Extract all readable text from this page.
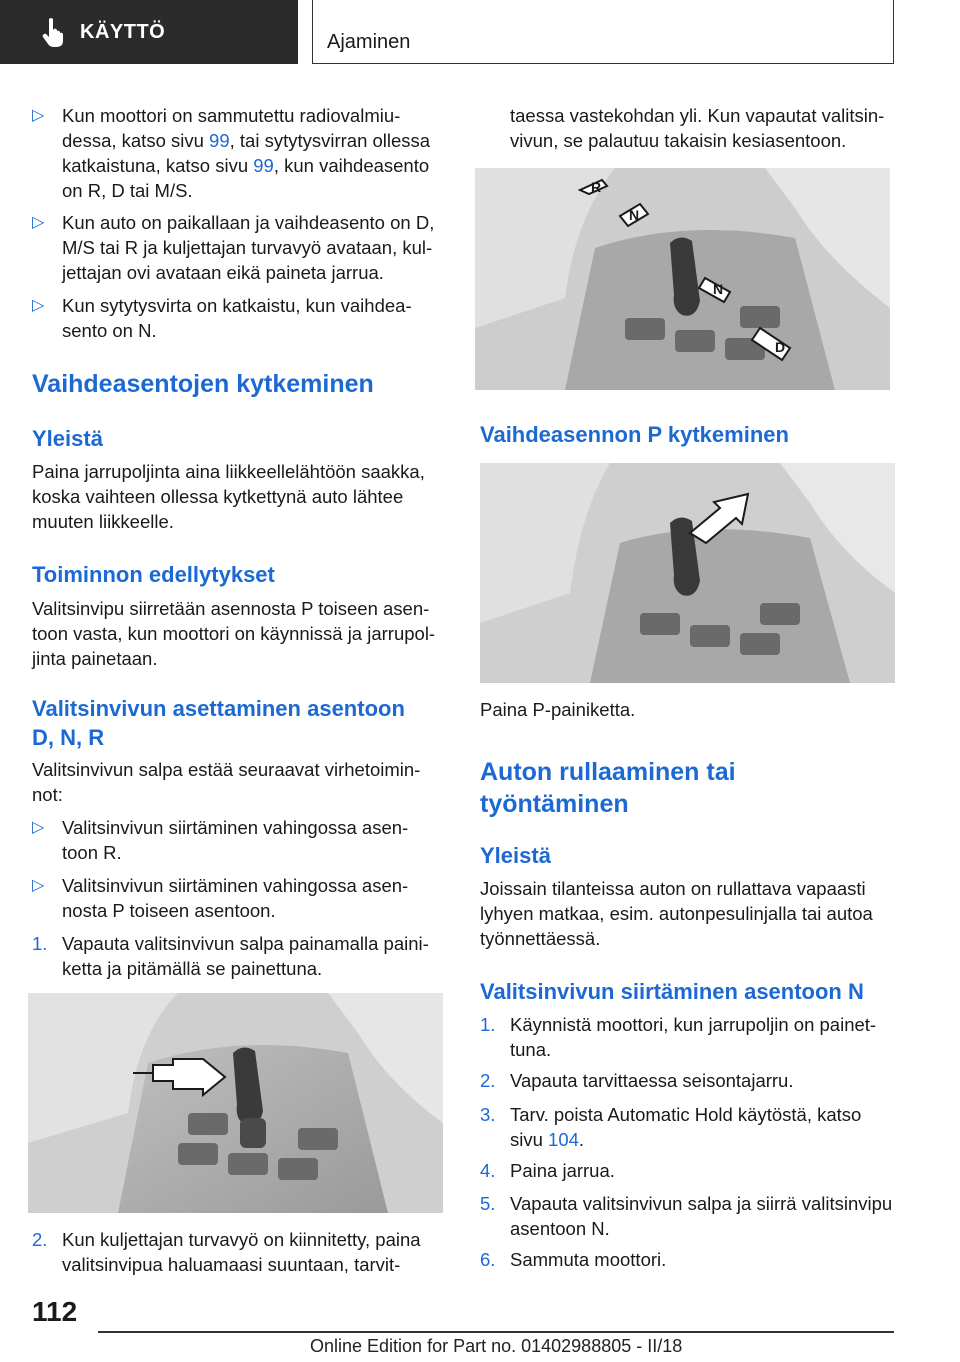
KÄYTTÖ	Ajaminen
▷ Kun moottori on sammutettu radiovalmiu-
dessa, katso sivu 99, tai sytytysvirran ollessa
katkaistuna, katso sivu 99, kun vaihdeasento
on R, D tai M/S.
▷ Kun auto on paikallaan ja vaihdeasento on D,
M/S tai R ja kuljettajan turvavyö avataan, kul-
jettajan ovi avataan eikä paineta jarrua.
▷ Kun sytytysvirta on katkaistu, kun vaihdea-
sento on N.
Vaihdeasentojen kytkeminen
Yleistä
Paina jarrupoljinta aina liikkeellelähtöön saakka,
koska vaihteen ollessa kytkettynä auto lähtee
muuten liikkeelle.
Toiminnon edellytykset
Valitsinvipu siirretään asennosta P toiseen asen-
toon vasta, kun moottori on käynnissä ja jarrupol-
jinta painetaan.
Valitsinvivun asettaminen asentoon
D, N, R
Valitsinvivun salpa estää seuraavat virhetoimin-
not:
▷ Valitsinvivun siirtäminen vahingossa asen-
toon R.
▷ Valitsinvivun siirtäminen vahingossa asen-
nosta P toiseen asentoon.
1. Vapauta valitsinvivun salpa painamalla paini-
ketta ja pitämällä se painettuna.
2. Kun kuljettajan turvavyö on kiinnitetty, paina
valitsinvipua haluamaasi suuntaan, tarvit-
taessa vastekohdan yli. Kun vapautat valitsin-
vivun, se palautuu takaisin kesiasentoon.
R
N
N
D
Vaihdeasennon P kytkeminen
Paina P-painiketta.
Auton rullaaminen tai
työntäminen
Yleistä
Joissain tilanteissa auton on rullattava vapaasti
lyhyen matkaa, esim. autonpesulinjalla tai autoa
työnnettäessä.
Valitsinvivun siirtäminen asentoon N
1. Käynnistä moottori, kun jarrupoljin on painet-
tuna.
2. Vapauta tarvittaessa seisontajarru.
3. Tarv. poista Automatic Hold käytöstä, katso
sivu 104.
4. Paina jarrua.
5. Vapauta valitsinvivun salpa ja siirrä valitsinvipu
asentoon N.
6. Sammuta moottori.
112
Online Edition for Part no. 01402988805 - II/18
